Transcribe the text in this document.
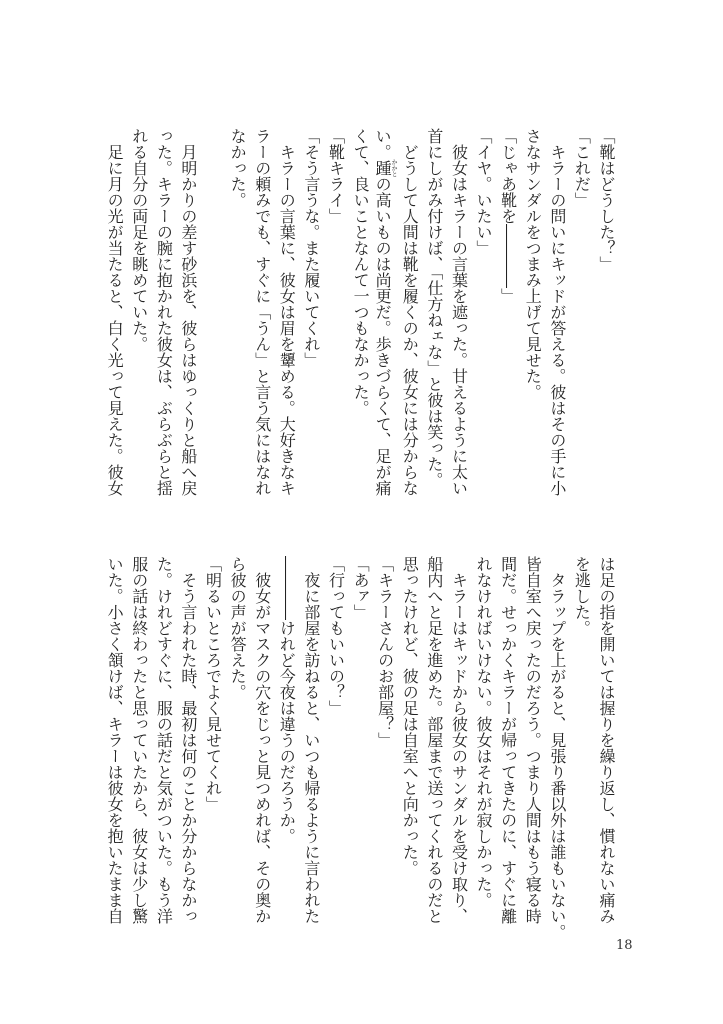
「靴はどうした？」
「これだ」
　キラーの問いにキッドが答える。彼はその手に小
さなサンダルをつまみ上げて見せた。
「じゃあ靴を――――」
「イヤ。いたい」
　彼女はキラーの言葉を遮った。甘えるように太い
首にしがみ付けば、「仕方ねェな」と彼は笑った。
　どうして人間は靴を履くのか、彼女には分からな
い。踵かかとの高いものは尚更だ。歩きづらくて、足が痛
くて、良いことなんて一つもなかった。
「靴キライ」
「そう言うな。また履いてくれ」
　キラーの言葉に、彼女は眉を顰める。大好きなキ
ラーの頼みでも、すぐに「うん」と言う気にはなれ
なかった。
　月明かりの差す砂浜を、彼らはゆっくりと船へ戻
った。キラーの腕に抱かれた彼女は、ぶらぶらと揺
れる自分の両足を眺めていた。
　足に月の光が当たると、白く光って見えた。彼女
は足の指を開いては握りを繰り返し、慣れない痛み
を逃した。
　タラップを上がると、見張り番以外は誰もいない。
皆自室へ戻ったのだろう。つまり人間はもう寝る時
間だ。せっかくキラーが帰ってきたのに、すぐに離
れなければいけない。彼女はそれが寂しかった。
　キラーはキッドから彼女のサンダルを受け取り、
船内へと足を進めた。部屋まで送ってくれるのだと
思ったけれど、彼の足は自室へと向かった。
「キラーさんのお部屋？」
「あァ」
「行ってもいいの？」
　夜に部屋を訪ねると、いつも帰るように言われた
――――けれど今夜は違うのだろうか。
　彼女がマスクの穴をじっと見つめれば、その奥か
ら彼の声が答えた。
「明るいところでよく見せてくれ」
　そう言われた時、最初は何のことか分からなかっ
た。けれどすぐに、服の話だと気がついた。もう洋
服の話は終わったと思っていたから、彼女は少し驚
いた。小さく頷けば、キラーは彼女を抱いたまま自
18
